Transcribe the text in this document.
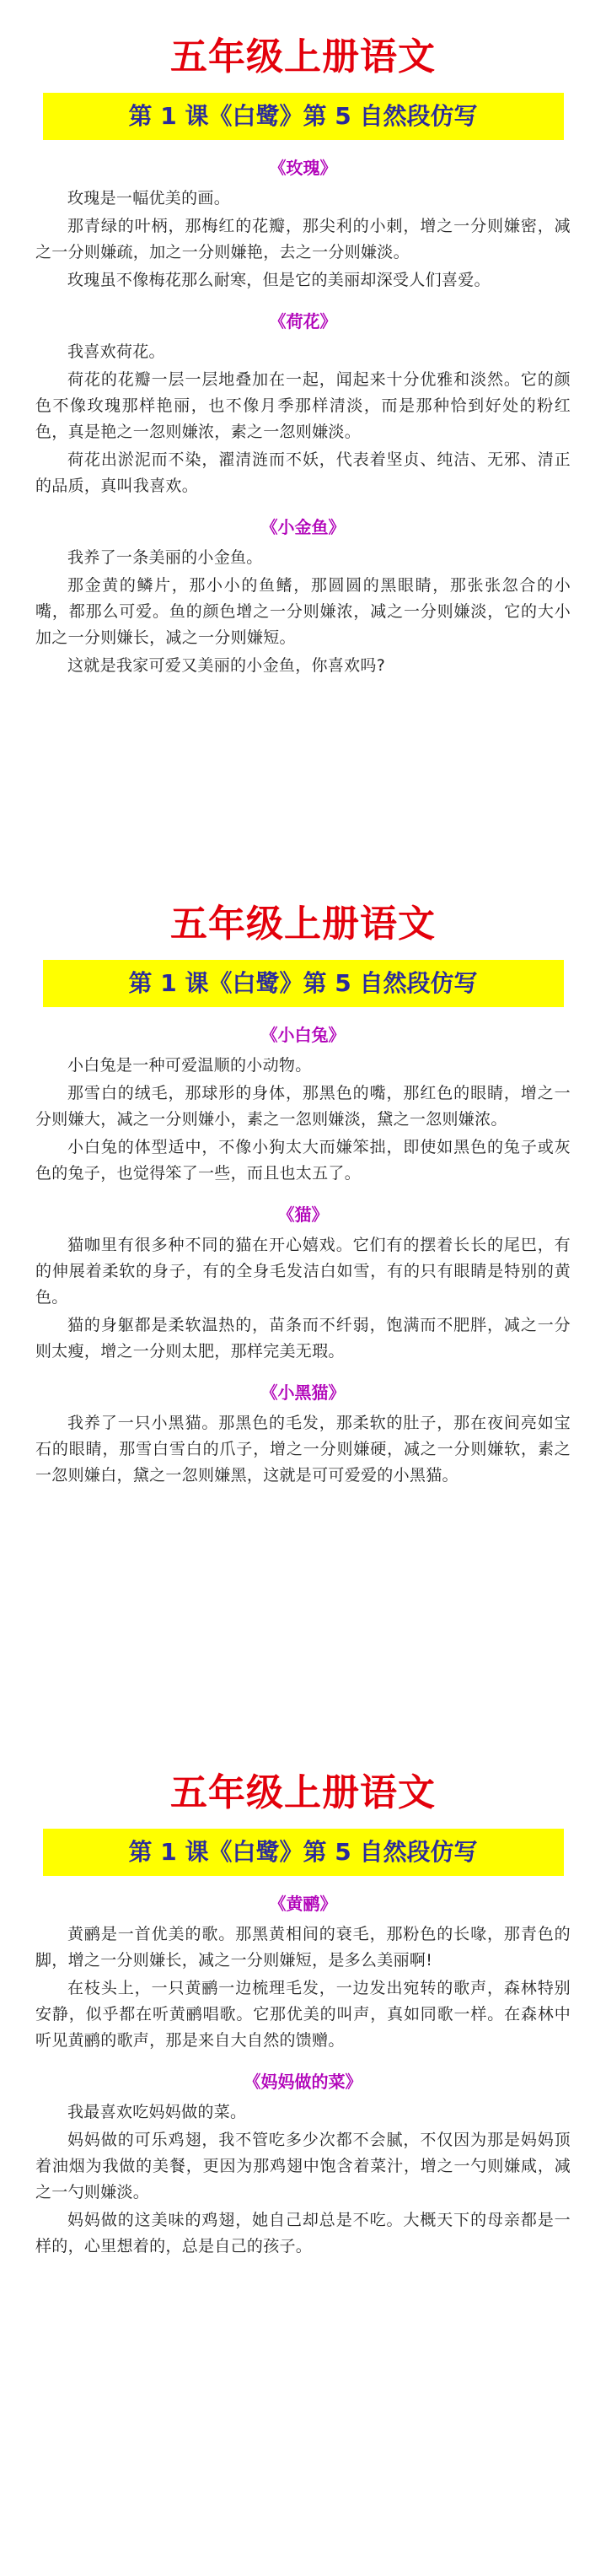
五年级上册语文
第 1 课《白鹭》第 5 自然段仿写
《玫瑰》

玫瑰是一幅优美的画。

那青绿的叶柄，那梅红的花瓣，那尖利的小刺，增之一分则嫌密，减之一分则嫌疏，加之一分则嫌艳，去之一分则嫌淡。

玫瑰虽不像梅花那么耐寒，但是它的美丽却深受人们喜爱。

《荷花》

我喜欢荷花。

荷花的花瓣一层一层地叠加在一起，闻起来十分优雅和淡然。它的颜色不像玫瑰那样艳丽，也不像月季那样清淡，而是那种恰到好处的粉红色，真是艳之一忽则嫌浓，素之一忽则嫌淡。

荷花出淤泥而不染，濯清涟而不妖，代表着坚贞、纯洁、无邪、清正的品质，真叫我喜欢。

《小金鱼》

我养了一条美丽的小金鱼。

那金黄的鳞片，那小小的鱼鳍，那圆圆的黑眼睛，那张张忽合的小嘴，都那么可爱。鱼的颜色增之一分则嫌浓，减之一分则嫌淡，它的大小加之一分则嫌长，减之一分则嫌短。

这就是我家可爱又美丽的小金鱼，你喜欢吗?

五年级上册语文
第 1 课《白鹭》第 5 自然段仿写
《小白兔》

小白兔是一种可爱温顺的小动物。

那雪白的绒毛，那球形的身体，那黑色的嘴，那红色的眼睛，增之一分则嫌大，减之一分则嫌小，素之一忽则嫌淡，黛之一忽则嫌浓。

小白兔的体型适中，不像小狗太大而嫌笨拙，即使如黑色的兔子或灰色的兔子，也觉得笨了一些，而且也太五了。

《猫》

猫咖里有很多种不同的猫在开心嬉戏。它们有的摆着长长的尾巴，有的伸展着柔软的身子，有的全身毛发洁白如雪，有的只有眼睛是特别的黄色。

猫的身躯都是柔软温热的，苗条而不纤弱，饱满而不肥胖，减之一分则太瘦，增之一分则太肥，那样完美无瑕。

《小黑猫》

我养了一只小黑猫。那黑色的毛发，那柔软的肚子，那在夜间亮如宝石的眼睛，那雪白雪白的爪子，增之一分则嫌硬，减之一分则嫌软，素之一忽则嫌白，黛之一忽则嫌黑，这就是可可爱爱的小黑猫。

五年级上册语文
第 1 课《白鹭》第 5 自然段仿写
《黄鹂》

黄鹂是一首优美的歌。那黑黄相间的衰毛，那粉色的长喙，那青色的脚，增之一分则嫌长，减之一分则嫌短，是多么美丽啊!

在枝头上，一只黄鹂一边梳理毛发，一边发出宛转的歌声，森林特别安静，似乎都在听黄鹂唱歌。它那优美的叫声，真如同歌一样。在森林中听见黄鹂的歌声，那是来自大自然的馈赠。

《妈妈做的菜》

我最喜欢吃妈妈做的菜。

妈妈做的可乐鸡翅，我不管吃多少次都不会腻，不仅因为那是妈妈顶着油烟为我做的美餐，更因为那鸡翅中饱含着菜汁，增之一勺则嫌咸，减之一勺则嫌淡。

妈妈做的这美味的鸡翅，她自己却总是不吃。大概天下的母亲都是一样的，心里想着的，总是自己的孩子。
